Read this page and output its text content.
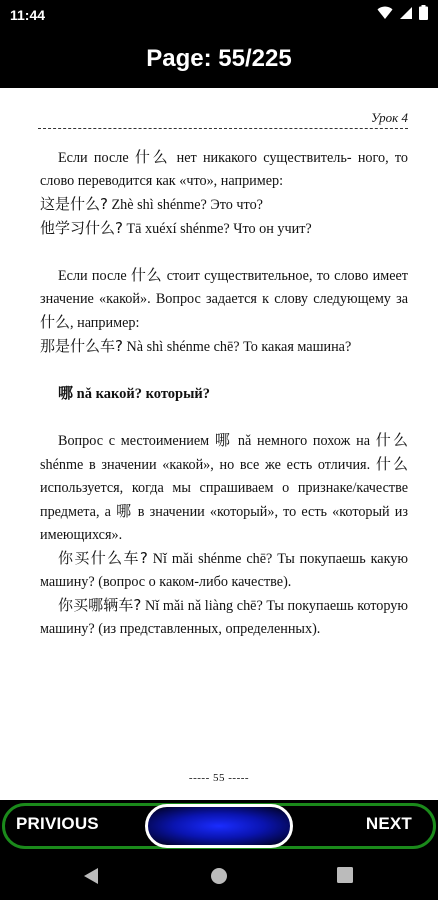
11:44
Page: 55/225
Урок 4

Если после 什么 нет никакого существитель- ного, то слово переводится как «что», например:

这是什么? Zhè shì shénme? Это что?

他学习什么? Tā xuéxí shénme? Что он учит?

Если после 什么 стоит существительное, то слово имеет значение «какой». Вопрос задается к слову следующему за 什么, например:

那是什么车? Nà shì shénme chē? То какая машина?

哪 nǎ какой? который?

Вопрос с местоимением 哪 nǎ немного похож на 什么 shénme в значении «какой», но все же есть отличия. 什么 используется, когда мы спрашиваем о признаке/качестве предмета, а 哪 в значении «который», то есть «который из имеющихся».

你买什么车? Nǐ mǎi shénme chē? Ты покупаешь какую машину? (вопрос о каком-либо качестве).

你买哪辆车? Nǐ mǎi nǎ liàng chē? Ты покупаешь которую машину? (из представленных, определенных).

----- 55 -----
PRIVIOUS	NEXT
